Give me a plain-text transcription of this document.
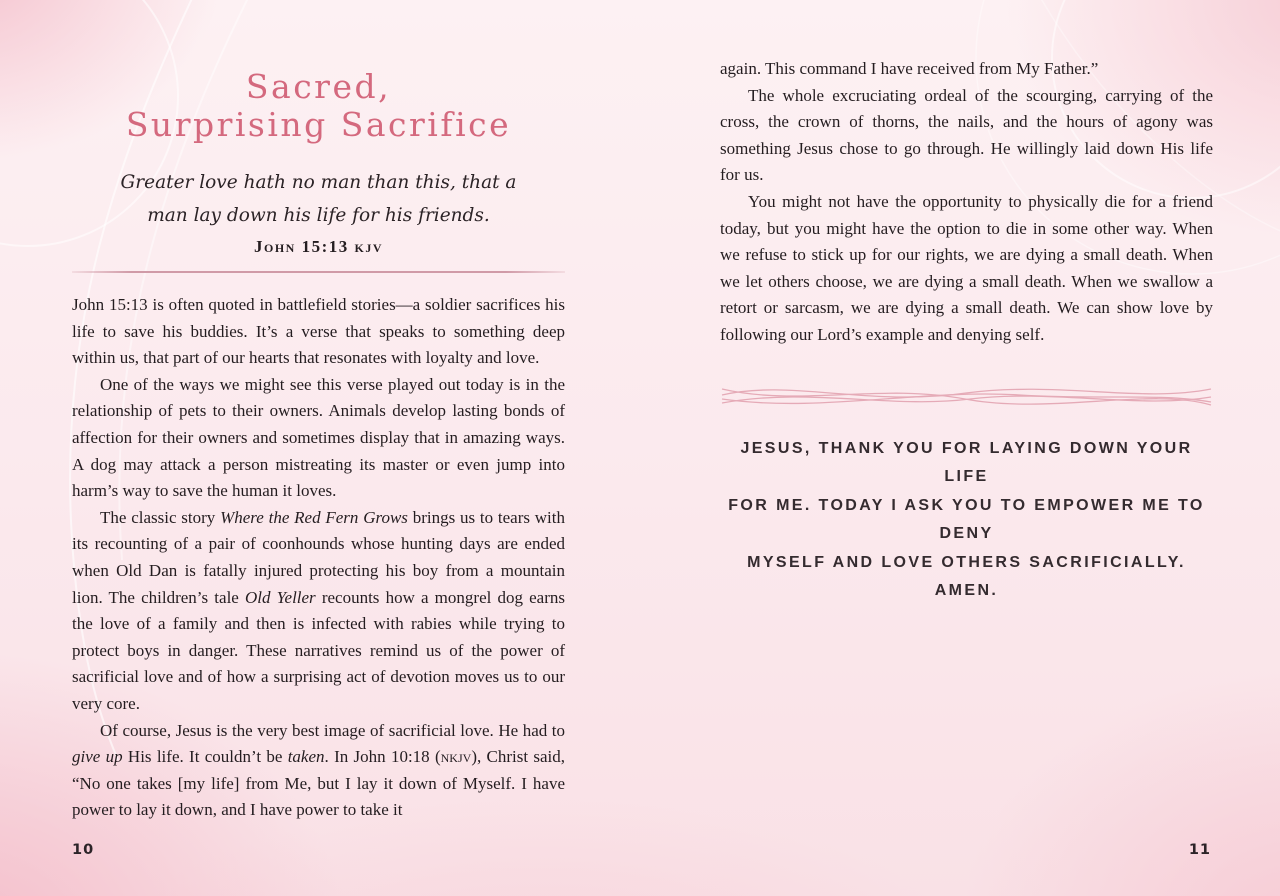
Sacred,
Surprising Sacrifice
Greater love hath no man than this, that a
man lay down his life for his friends.
John 15:13 kjv

John 15:13 is often quoted in battlefield stories—a soldier sacrifices his life to save his buddies. It’s a verse that speaks to something deep within us, that part of our hearts that resonates with loyalty and love.

One of the ways we might see this verse played out today is in the relationship of pets to their owners. Animals develop lasting bonds of affection for their owners and sometimes display that in amazing ways. A dog may attack a person mistreating its master or even jump into harm’s way to save the human it loves.

The classic story Where the Red Fern Grows brings us to tears with its recounting of a pair of coonhounds whose hunting days are ended when Old Dan is fatally injured protecting his boy from a mountain lion. The children’s tale Old Yeller recounts how a mongrel dog earns the love of a family and then is infected with rabies while trying to protect boys in danger. These narratives remind us of the power of sacrificial love and of how a surprising act of devotion moves us to our very core.

Of course, Jesus is the very best image of sacrificial love. He had to give up His life. It couldn’t be taken. In John 10:18 (nkjv), Christ said, “No one takes [my life] from Me, but I lay it down of Myself. I have power to lay it down, and I have power to take it

10

again. This command I have received from My Father.”

The whole excruciating ordeal of the scourging, carrying of the cross, the crown of thorns, the nails, and the hours of agony was something Jesus chose to go through. He willingly laid down His life for us.

You might not have the opportunity to physically die for a friend today, but you might have the option to die in some other way. When we refuse to stick up for our rights, we are dying a small death. When we let others choose, we are dying a small death. When we swallow a retort or sarcasm, we are dying a small death. We can show love by following our Lord’s example and denying self.

JESUS, THANK YOU FOR LAYING DOWN YOUR LIFE
FOR ME. TODAY I ASK YOU TO EMPOWER ME TO DENY
MYSELF AND LOVE OTHERS SACRIFICIALLY. AMEN.
11
